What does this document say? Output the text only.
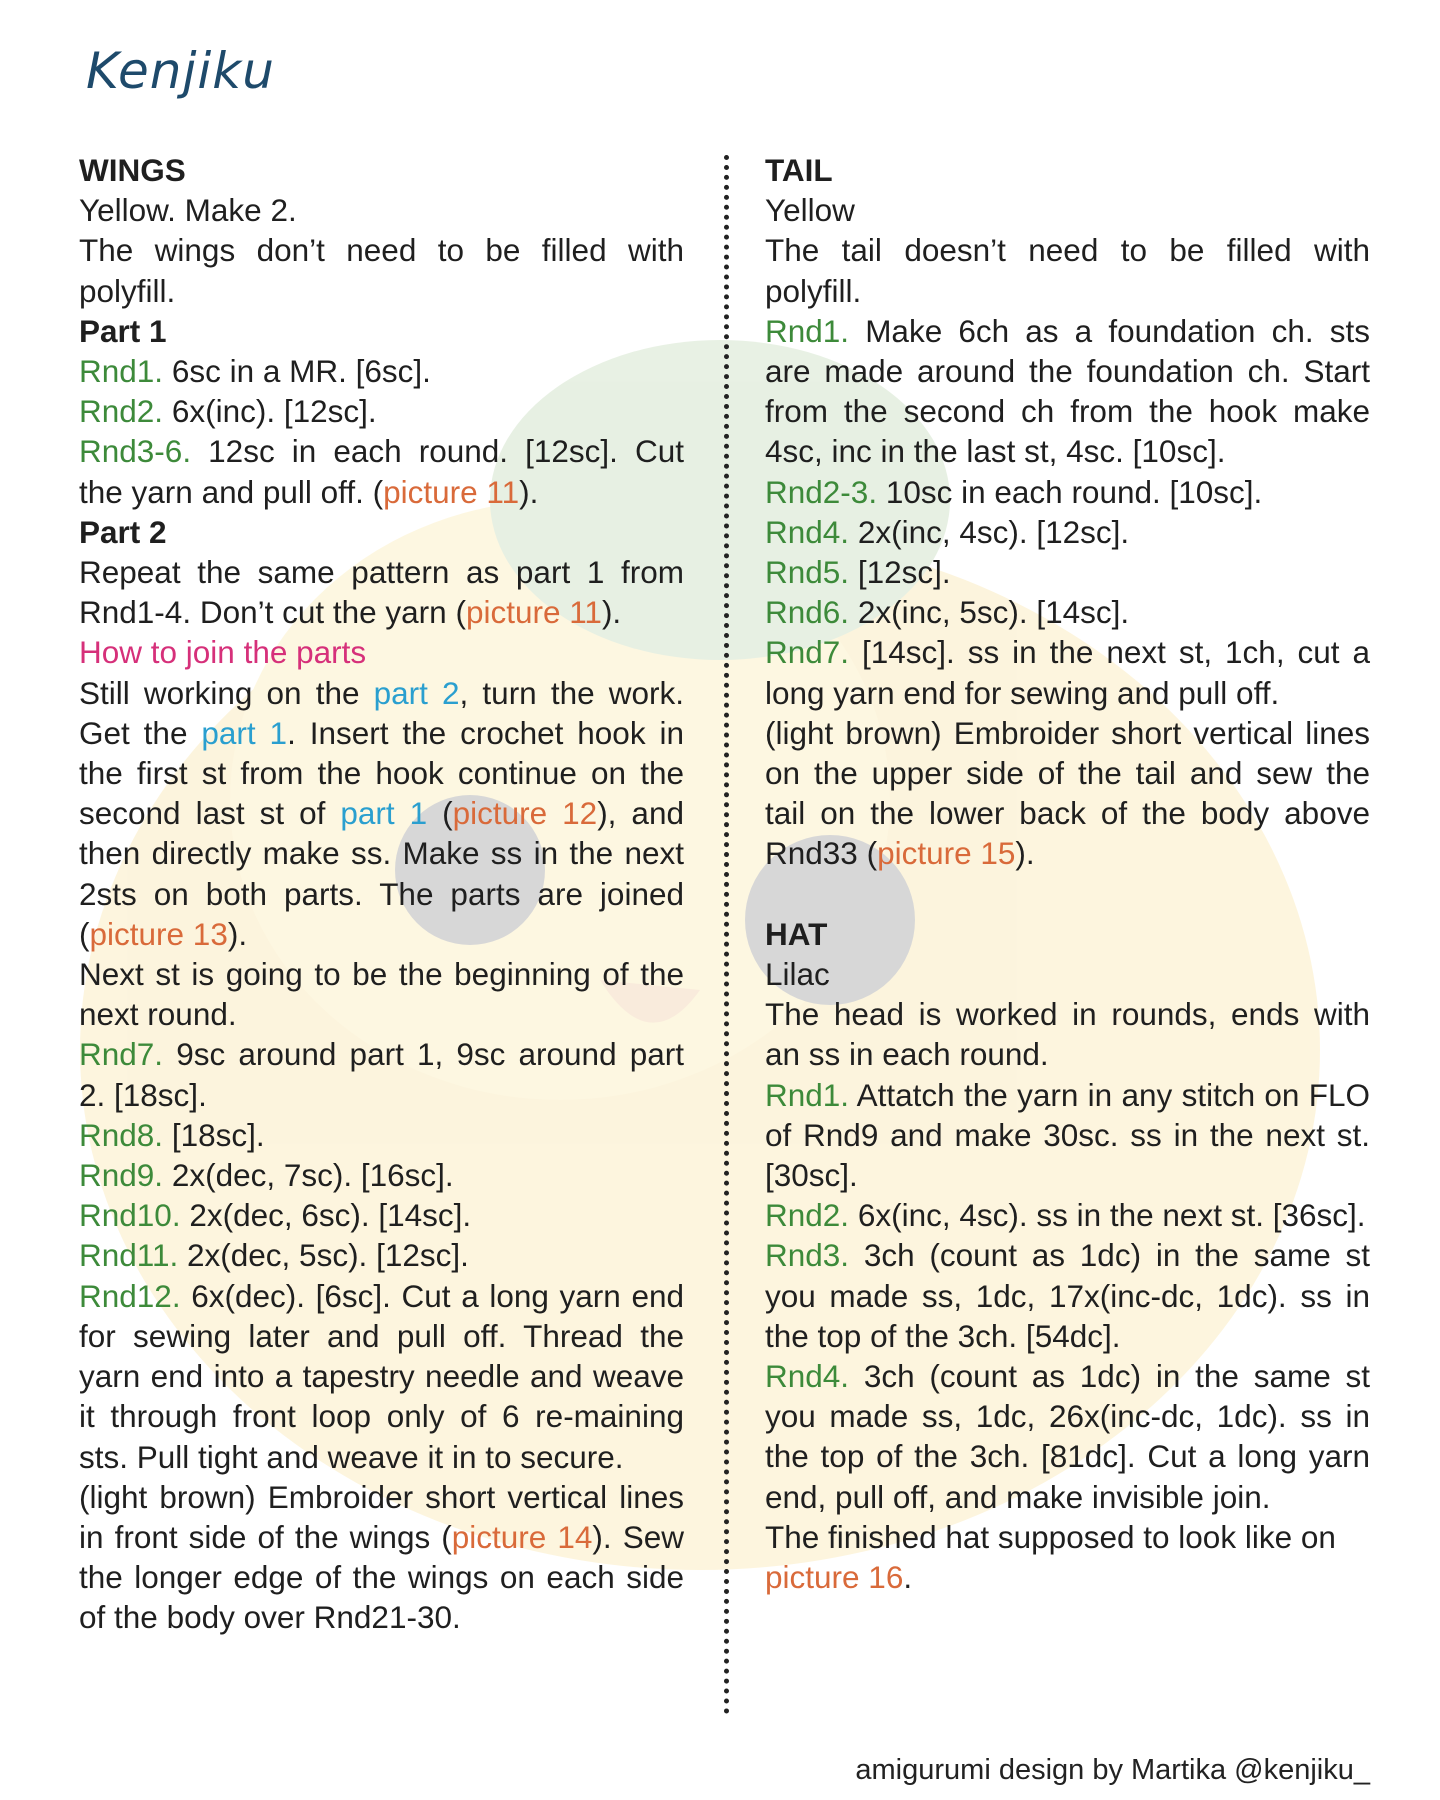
Kenjiku

WINGS

Yellow. Make 2.

The wings don’t need to be filled with polyfill.

Part 1

Rnd1. 6sc in a MR. [6sc].

Rnd2. 6x(inc). [12sc].

Rnd3-6. 12sc in each round. [12sc]. Cut the yarn and pull off. (picture 11).

Part 2

Repeat the same pattern as part 1 from Rnd1-4. Don’t cut the yarn (picture 11).

How to join the parts

Still working on the part 2, turn the work. Get the part 1. Insert the crochet hook in the first st from the hook continue on the second last st of part 1 (picture 12), and then directly make ss. Make ss in the next 2sts on both parts. The parts are joined (picture 13).

Next st is going to be the beginning of the next round.

Rnd7. 9sc around part 1, 9sc around part 2. [18sc].

Rnd8. [18sc].

Rnd9. 2x(dec, 7sc). [16sc].

Rnd10. 2x(dec, 6sc). [14sc].

Rnd11. 2x(dec, 5sc). [12sc].

Rnd12. 6x(dec). [6sc]. Cut a long yarn end for sewing later and pull off. Thread the yarn end into a tapestry needle and weave it through front loop only of 6 re-maining sts. Pull tight and weave it in to secure.

(light brown) Embroider short vertical lines in front side of the wings (picture 14). Sew the longer edge of the wings on each side of the body over Rnd21-30.

TAIL

Yellow

The tail doesn’t need to be filled with polyfill.

Rnd1. Make 6ch as a foundation ch. sts are made around the foundation ch. Start from the second ch from the hook make 4sc, inc in the last st, 4sc. [10sc].

Rnd2-3. 10sc in each round. [10sc].

Rnd4. 2x(inc, 4sc). [12sc].

Rnd5. [12sc].

Rnd6. 2x(inc, 5sc). [14sc].

Rnd7. [14sc]. ss in the next st, 1ch, cut a long yarn end for sewing and pull off.

(light brown) Embroider short vertical lines on the upper side of the tail and sew the tail on the lower back of the body above Rnd33 (picture 15).

HAT

Lilac

The head is worked in rounds, ends with an ss in each round.

Rnd1. Attatch the yarn in any stitch on FLO of Rnd9 and make 30sc. ss in the next st. [30sc].

Rnd2. 6x(inc, 4sc). ss in the next st. [36sc].

Rnd3. 3ch (count as 1dc) in the same st you made ss, 1dc, 17x(inc-dc, 1dc). ss in the top of the 3ch. [54dc].

Rnd4. 3ch (count as 1dc) in the same st you made ss, 1dc, 26x(inc-dc, 1dc). ss in the top of the 3ch. [81dc]. Cut a long yarn end, pull off, and make invisible join.

The finished hat supposed to look like on picture 16.

amigurumi design by Martika @kenjiku_
